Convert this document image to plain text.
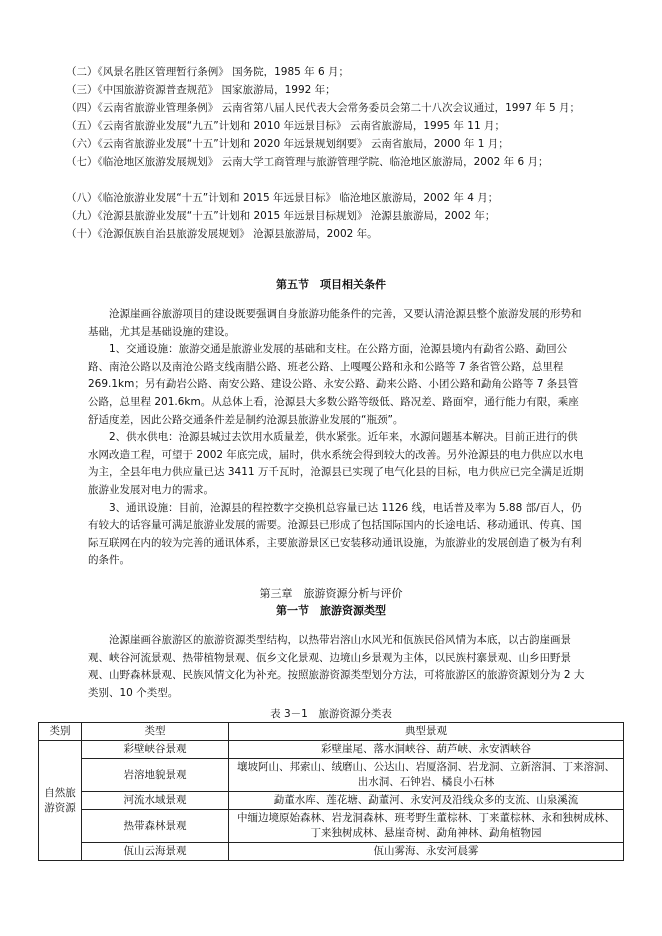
（二）《风景名胜区管理暂行条例》 国务院，1985 年 6 月；

（三）《中国旅游资源普查规范》 国家旅游局，1992 年；

（四）《云南省旅游业管理条例》 云南省第八届人民代表大会常务委员会第二十八次会议通过，1997 年 5 月；

（五）《云南省旅游业发展“九五”计划和 2010 年远景目标》 云南省旅游局，1995 年 11 月；

（六）《云南省旅游业发展“十五”计划和 2020 年远景规划纲要》 云南省旅局，2000 年 1 月；

（七）《临沧地区旅游发展规划》 云南大学工商管理与旅游管理学院、临沧地区旅游局，2002 年 6 月；

（八）《临沧旅游业发展“十五”计划和 2015 年远景目标》 临沧地区旅游局，2002 年 4 月；

（九）《沧源县旅游业发展“十五”计划和 2015 年远景目标规划》 沧源县旅游局，2002 年；

（十）《沧源佤族自治县旅游发展规划》 沧源县旅游局，2002 年。

第五节　项目相关条件

沧源崖画谷旅游项目的建设既要强调自身旅游功能条件的完善，又要认清沧源县整个旅游发展的形势和基础，尤其是基础设施的建设。

1、交通设施：旅游交通是旅游业发展的基础和支柱。在公路方面，沧源县境内有勐省公路、勐回公路、南沧公路以及南沧公路支线南腊公路、班老公路、上嘎嘎公路和永和公路等 7 条省管公路，总里程 269.1km；另有勐岩公路、南安公路、建设公路、永安公路、勐来公路、小团公路和勐角公路等 7 条县管公路，总里程 201.6km。从总体上看，沧源县大多数公路等级低、路况差、路面窄，通行能力有限，乘座舒适度差，因此公路交通条件差是制约沧源县旅游业发展的“瓶颈”。

2、供水供电：沧源县城过去饮用水质量差，供水紧张。近年来，水源问题基本解决。目前正进行的供水网改造工程，可望于 2002 年底完成，届时，供水系统会得到较大的改善。另外沧源县的电力供应以水电为主，全县年电力供应量已达 3411 万千瓦时，沧源县已实现了电气化县的目标，电力供应已完全满足近期旅游业发展对电力的需求。

3、通讯设施：目前，沧源县的程控数字交换机总容量已达 1126 线，电话普及率为 5.88 部/百人，仍有较大的话容量可满足旅游业发展的需要。沧源县已形成了包括国际国内的长途电话、移动通讯、传真、国际互联网在内的较为完善的通讯体系，主要旅游景区已安装移动通讯设施，为旅游业的发展创造了极为有利的条件。

第三章　旅游资源分析与评价
第一节　旅游资源类型

沧源崖画谷旅游区的旅游资源类型结构，以热带岩溶山水风光和佤族民俗风情为本底，以古韵崖画景观、峡谷河流景观、热带植物景观、佤乡文化景观、边境山乡景观为主体，以民族村寨景观、山乡田野景观、山野森林景观、民族风情文化为补充。按照旅游资源类型划分方法，可将旅游区的旅游资源划分为 2 大类别、10 个类型。

表 3－1　旅游资源分类表
类别	类型	典型景观
自然旅游资源	彩壁峡谷景观	彩壁崖尾、落水洞峡谷、葫芦峡、永安洒峡谷
	岩溶地貌景观	壤坡阿山、邦索山、绒磨山、公达山、岩厦洛洞、岩龙洞、立新溶洞、丁来溶洞、出水洞、石钟岩、橘良小石林
	河流水域景观	勐董水库、莲花塘、勐董河、永安河及沿线众多的支流、山泉溪流
	热带森林景观	中缅边境原始森林、岩龙洞森林、班考野生董棕林、丁来董棕林、永和独树成林、丁来独树成林、悬崖奇树、勐角神林、勐角植物园
	佤山云海景观	佤山雾海、永安河晨雾
